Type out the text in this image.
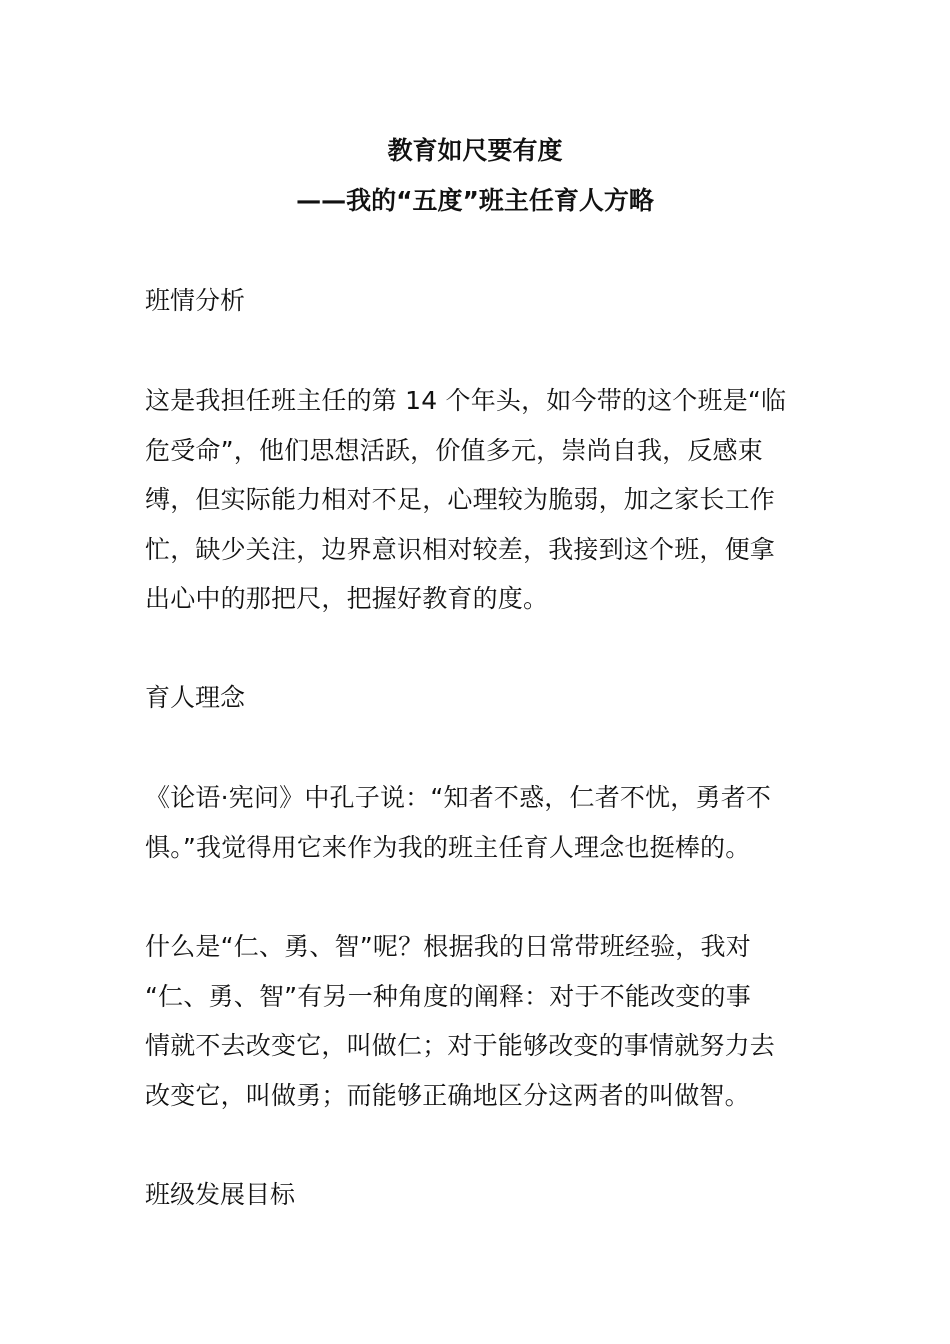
教育如尺要有度
——我的“五度”班主任育人方略
班情分析

这是我担任班主任的第 14 个年头，如今带的这个班是“临
危受命”，他们思想活跃，价值多元，崇尚自我，反感束
缚，但实际能力相对不足，心理较为脆弱，加之家长工作
忙，缺少关注，边界意识相对较差，我接到这个班，便拿
出心中的那把尺，把握好教育的度。

育人理念

《论语·宪问》中孔子说：“知者不惑，仁者不忧，勇者不
惧。”我觉得用它来作为我的班主任育人理念也挺棒的。

什么是“仁、勇、智”呢？根据我的日常带班经验，我对
“仁、勇、智”有另一种角度的阐释：对于不能改变的事
情就不去改变它，叫做仁；对于能够改变的事情就努力去
改变它，叫做勇；而能够正确地区分这两者的叫做智。

班级发展目标
